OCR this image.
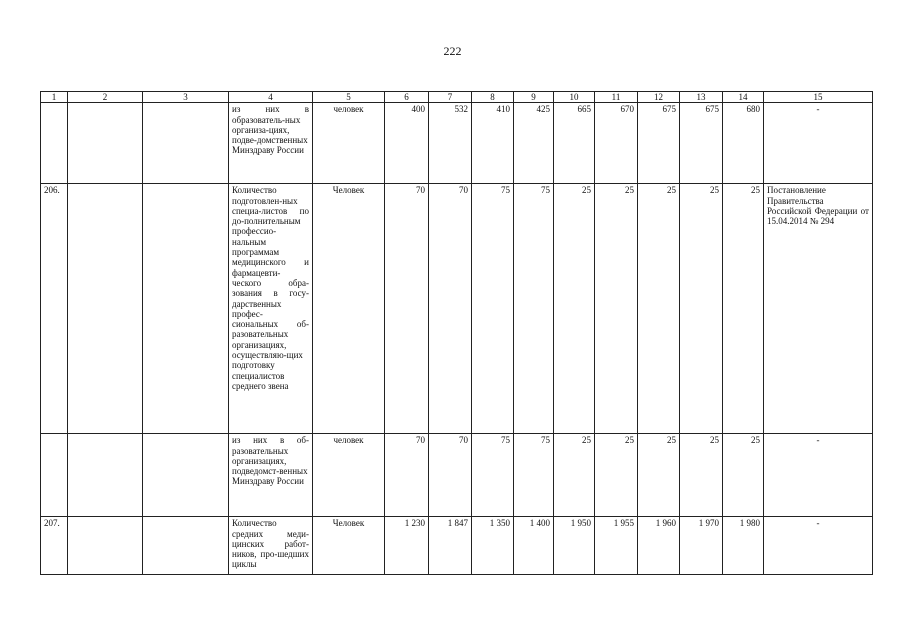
222
1	2	3	4	5	6	7	8	9	10	11	12	13	14	15
			из них в образователь-ных организа-циях, подве-домственных Минздраву России	человек	400	532	410	425	665	670	675	675	680	-
206.			Количество подготовлен-ных специа-листов по до-полнительным професcио-нальным программам медицинского и фармацевти-ческого обра-зования в госу-дарственных профес-сиональных об-разовательных организациях, осуществляю-щих подготовку специалистов среднего звена	Человек	70	70	75	75	25	25	25	25	25	Постановление Правительства Российской Федерации от 15.04.2014 № 294
			из них в об-разовательных организациях, подведомст-венных Минздраву России	человек	70	70	75	75	25	25	25	25	25	-
207.			Количество средних меди-цинских работ-ников, про-шедших циклы	Человек	1 230	1 847	1 350	1 400	1 950	1 955	1 960	1 970	1 980	-
